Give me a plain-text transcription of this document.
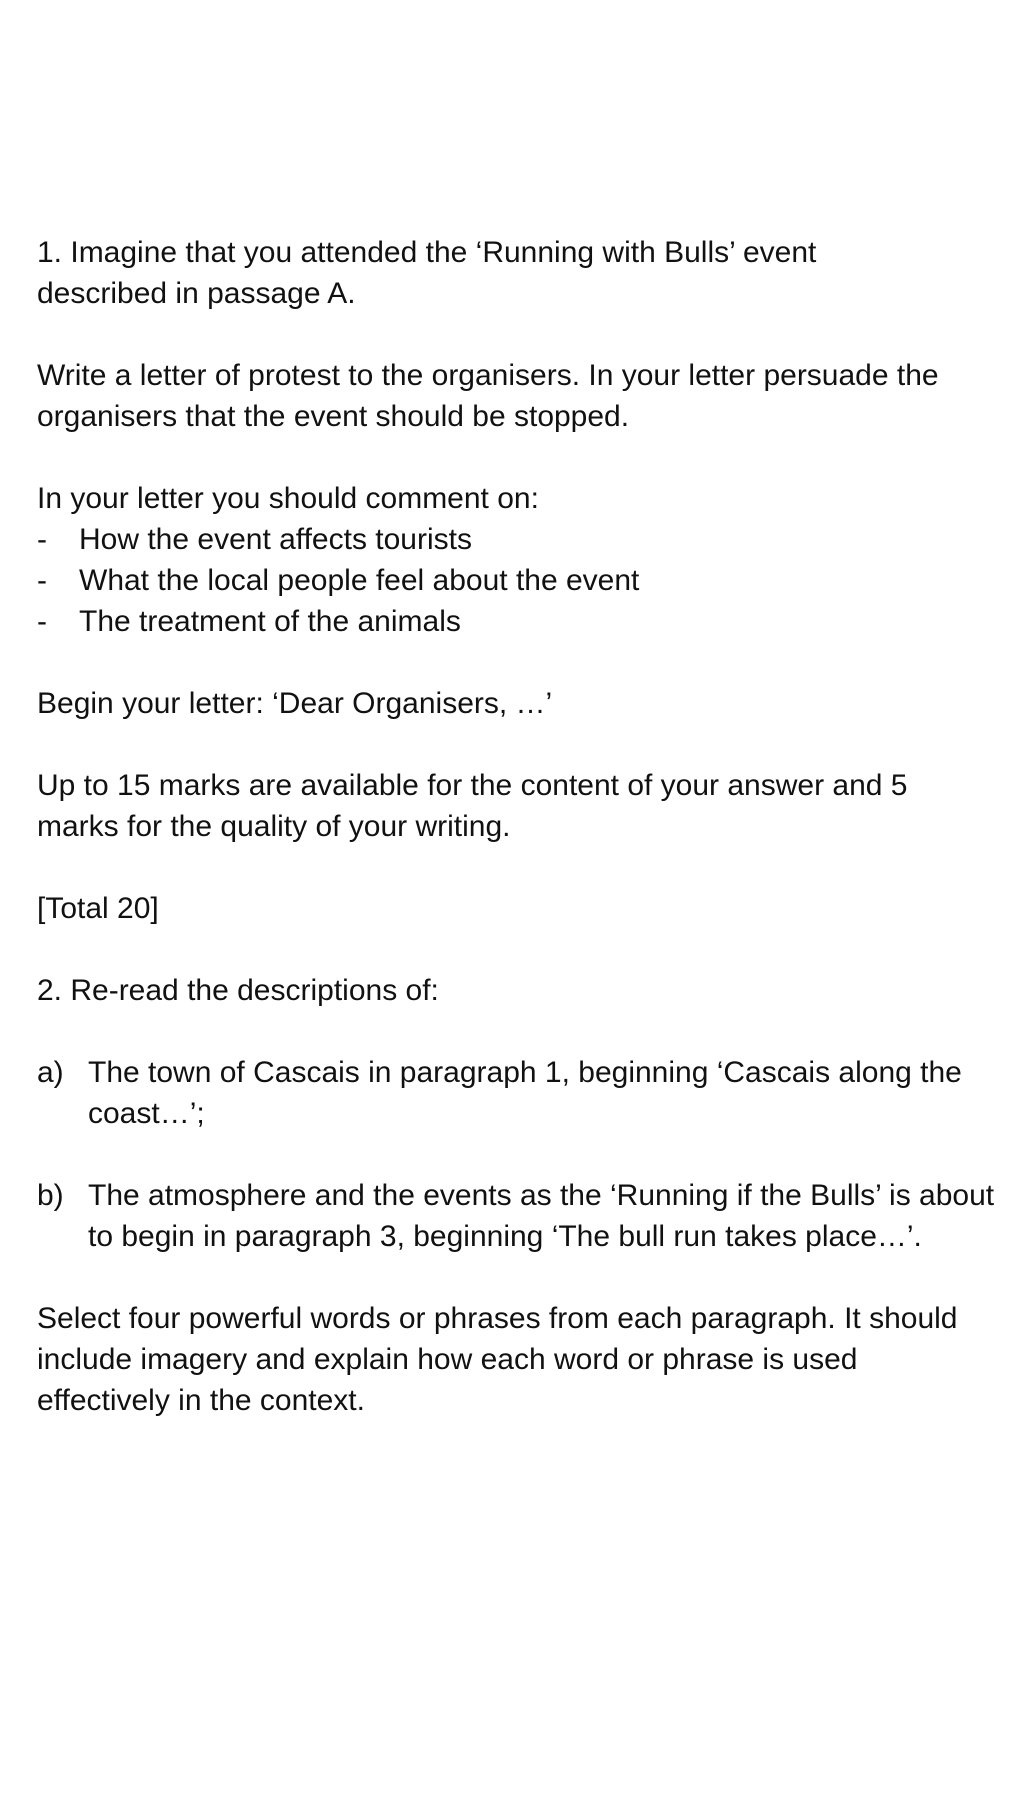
1. Imagine that you attended the ‘Running with Bulls’ event described in passage A.

Write a letter of protest to the organisers. In your letter persuade the organisers that the event should be stopped.

In your letter you should comment on:

-	How the event affects tourists
-	What the local people feel about the event
-	The treatment of the animals

Begin your letter: ‘Dear Organisers, …’

Up to 15 marks are available for the content of your answer and 5 marks for the quality of your writing.

[Total 20]

2. Re-read the descriptions of:

a) The town of Cascais in paragraph 1, beginning ‘Cascais along the coast…’;
b) The atmosphere and the events as the ‘Running if the Bulls’ is about to begin in paragraph 3, beginning ‘The bull run takes place…’.

Select four powerful words or phrases from each paragraph. It should include imagery and explain how each word or phrase is used effectively in the context.
